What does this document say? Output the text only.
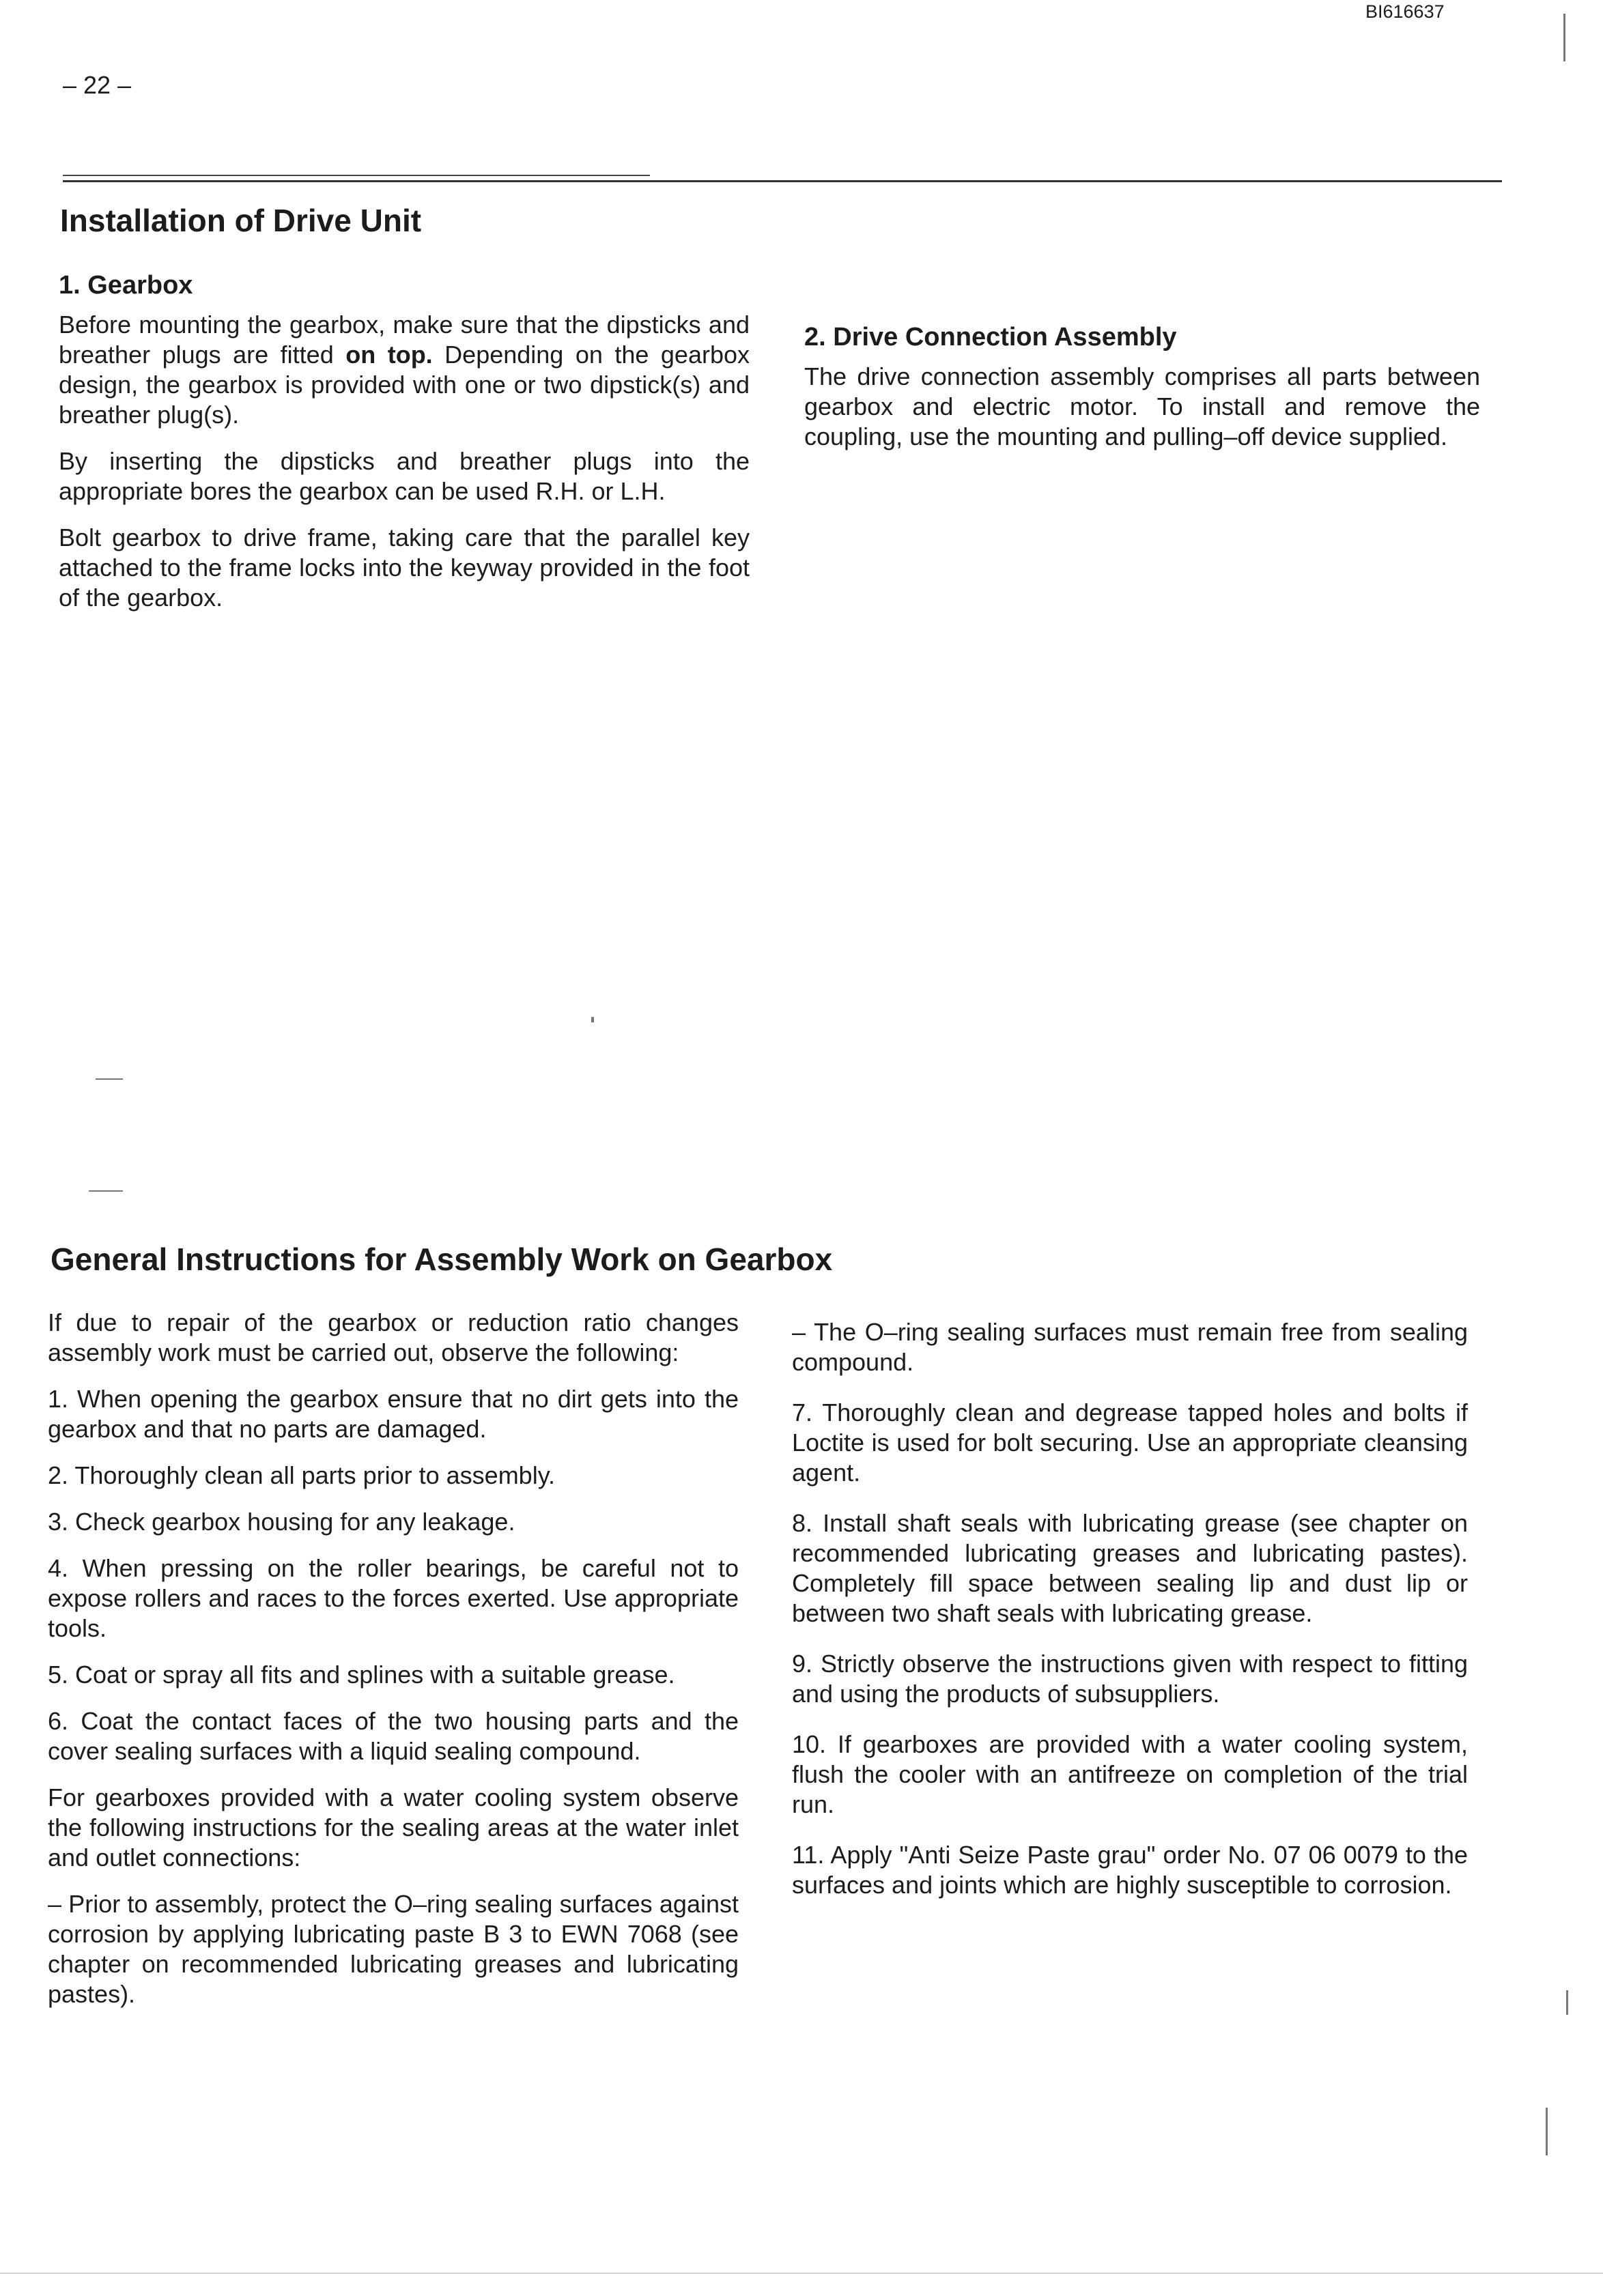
BI616637
– 22 –
Installation of Drive Unit
1. Gearbox

Before mounting the gearbox, make sure that the dipsticks and breather plugs are fitted on top. Depending on the gearbox design, the gearbox is provided with one or two dipstick(s) and breather plug(s).

By inserting the dipsticks and breather plugs into the appropriate bores the gearbox can be used R.H. or L.H.

Bolt gearbox to drive frame, taking care that the parallel key attached to the frame locks into the keyway provided in the foot of the gearbox.

2. Drive Connection Assembly

The drive connection assembly comprises all parts between gearbox and electric motor. To install and remove the coupling, use the mounting and pulling–off device supplied.

General Instructions for Assembly Work on Gearbox

If due to repair of the gearbox or reduction ratio changes assembly work must be carried out, observe the following:

1. When opening the gearbox ensure that no dirt gets into the gearbox and that no parts are damaged.

2. Thoroughly clean all parts prior to assembly.

3. Check gearbox housing for any leakage.

4. When pressing on the roller bearings, be careful not to expose rollers and races to the forces exerted. Use appropriate tools.

5. Coat or spray all fits and splines with a suitable grease.

6. Coat the contact faces of the two housing parts and the cover sealing surfaces with a liquid sealing compound.

For gearboxes provided with a water cooling system observe the following instructions for the sealing areas at the water inlet and outlet connections:

– Prior to assembly, protect the O–ring sealing surfaces against corrosion by applying lubricating paste B 3 to EWN 7068 (see chapter on recommended lubricating greases and lubricating pastes).

– The O–ring sealing surfaces must remain free from sealing compound.

7. Thoroughly clean and degrease tapped holes and bolts if Loctite is used for bolt securing. Use an appropriate cleansing agent.

8. Install shaft seals with lubricating grease (see chapter on recommended lubricating greases and lubricating pastes). Completely fill space between sealing lip and dust lip or between two shaft seals with lubricating grease.

9. Strictly observe the instructions given with respect to fitting and using the products of subsuppliers.

10. If gearboxes are provided with a water cooling system, flush the cooler with an antifreeze on completion of the trial run.

11. Apply "Anti Seize Paste grau" order No. 07 06 0079 to the surfaces and joints which are highly susceptible to corrosion.
